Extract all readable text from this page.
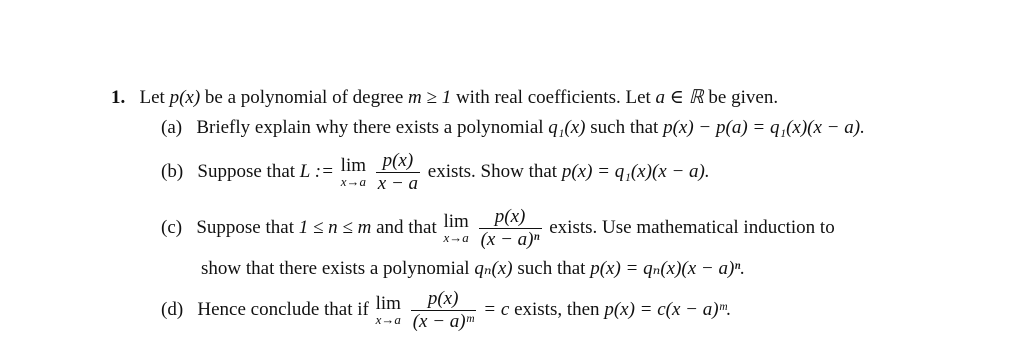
1. Let p(x) be a polynomial of degree m ≥ 1 with real coefficients. Let a ∈ ℝ be given.
(a) Briefly explain why there exists a polynomial q₁(x) such that p(x) − p(a) = q₁(x)(x − a).
(b) Suppose that L := lim
x→a
$\frac{p(x)}{x - a}$ exists. Show that p(x) = q₁(x)(x − a).
(c) Suppose that 1 ≤ n ≤ m and that lim
x→a
$\frac{p(x)}{\text{(x − a)ⁿ}}$ exists. Use mathematical induction to
show that there exists a polynomial qₙ(x) such that p(x) = qₙ(x)(x − a)ⁿ.
(d) Hence conclude that if lim
x→a
$\frac{p(x)}{\text{(x − a)ᵐ}} = c$ exists, then p(x) = c(x − a)ᵐ.
